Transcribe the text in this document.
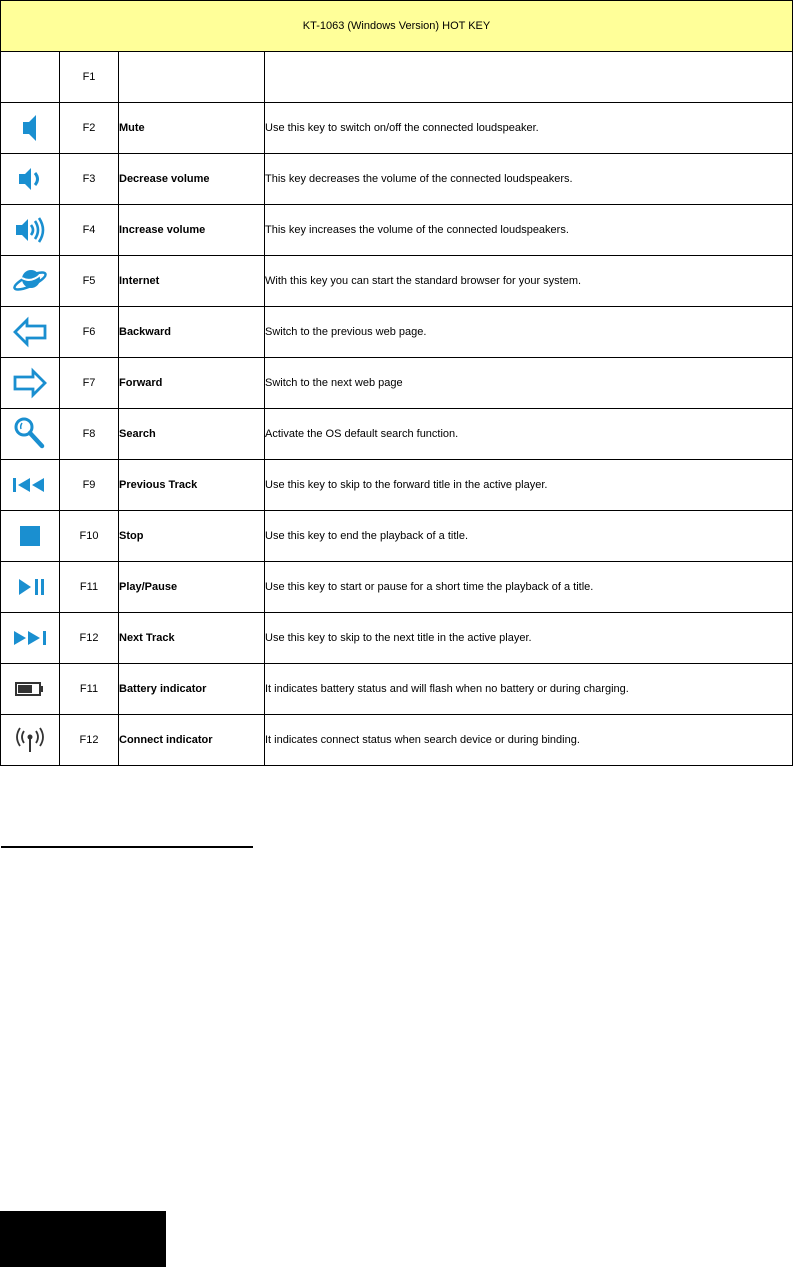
KT-1063 (Windows Version) HOT KEY			
	F1		

	F2	Mute	Use this key to switch on/off the connected loudspeaker.

	F3	Decrease volume	This key decreases the volume of the connected loudspeakers.

	F4	Increase volume	This key increases the volume of the connected loudspeakers.

	F5	Internet	With this key you can start the standard browser for your system.

	F6	Backward	Switch to the previous web page.

	F7	Forward	Switch to the next web page

	F8	Search	Activate the OS default search function.

	F9	Previous Track	Use this key to skip to the forward title in the active player.

	F10	Stop	Use this key to end the playback of a title.

	F11	Play/Pause	Use this key to start or pause for a short time the playback of a title.

	F12	Next Track	Use this key to skip to the next title in the active player.

	F11	Battery indicator	It indicates battery status and will flash when no battery or during charging.

	F12	Connect indicator	It indicates connect status when search device or during binding.
